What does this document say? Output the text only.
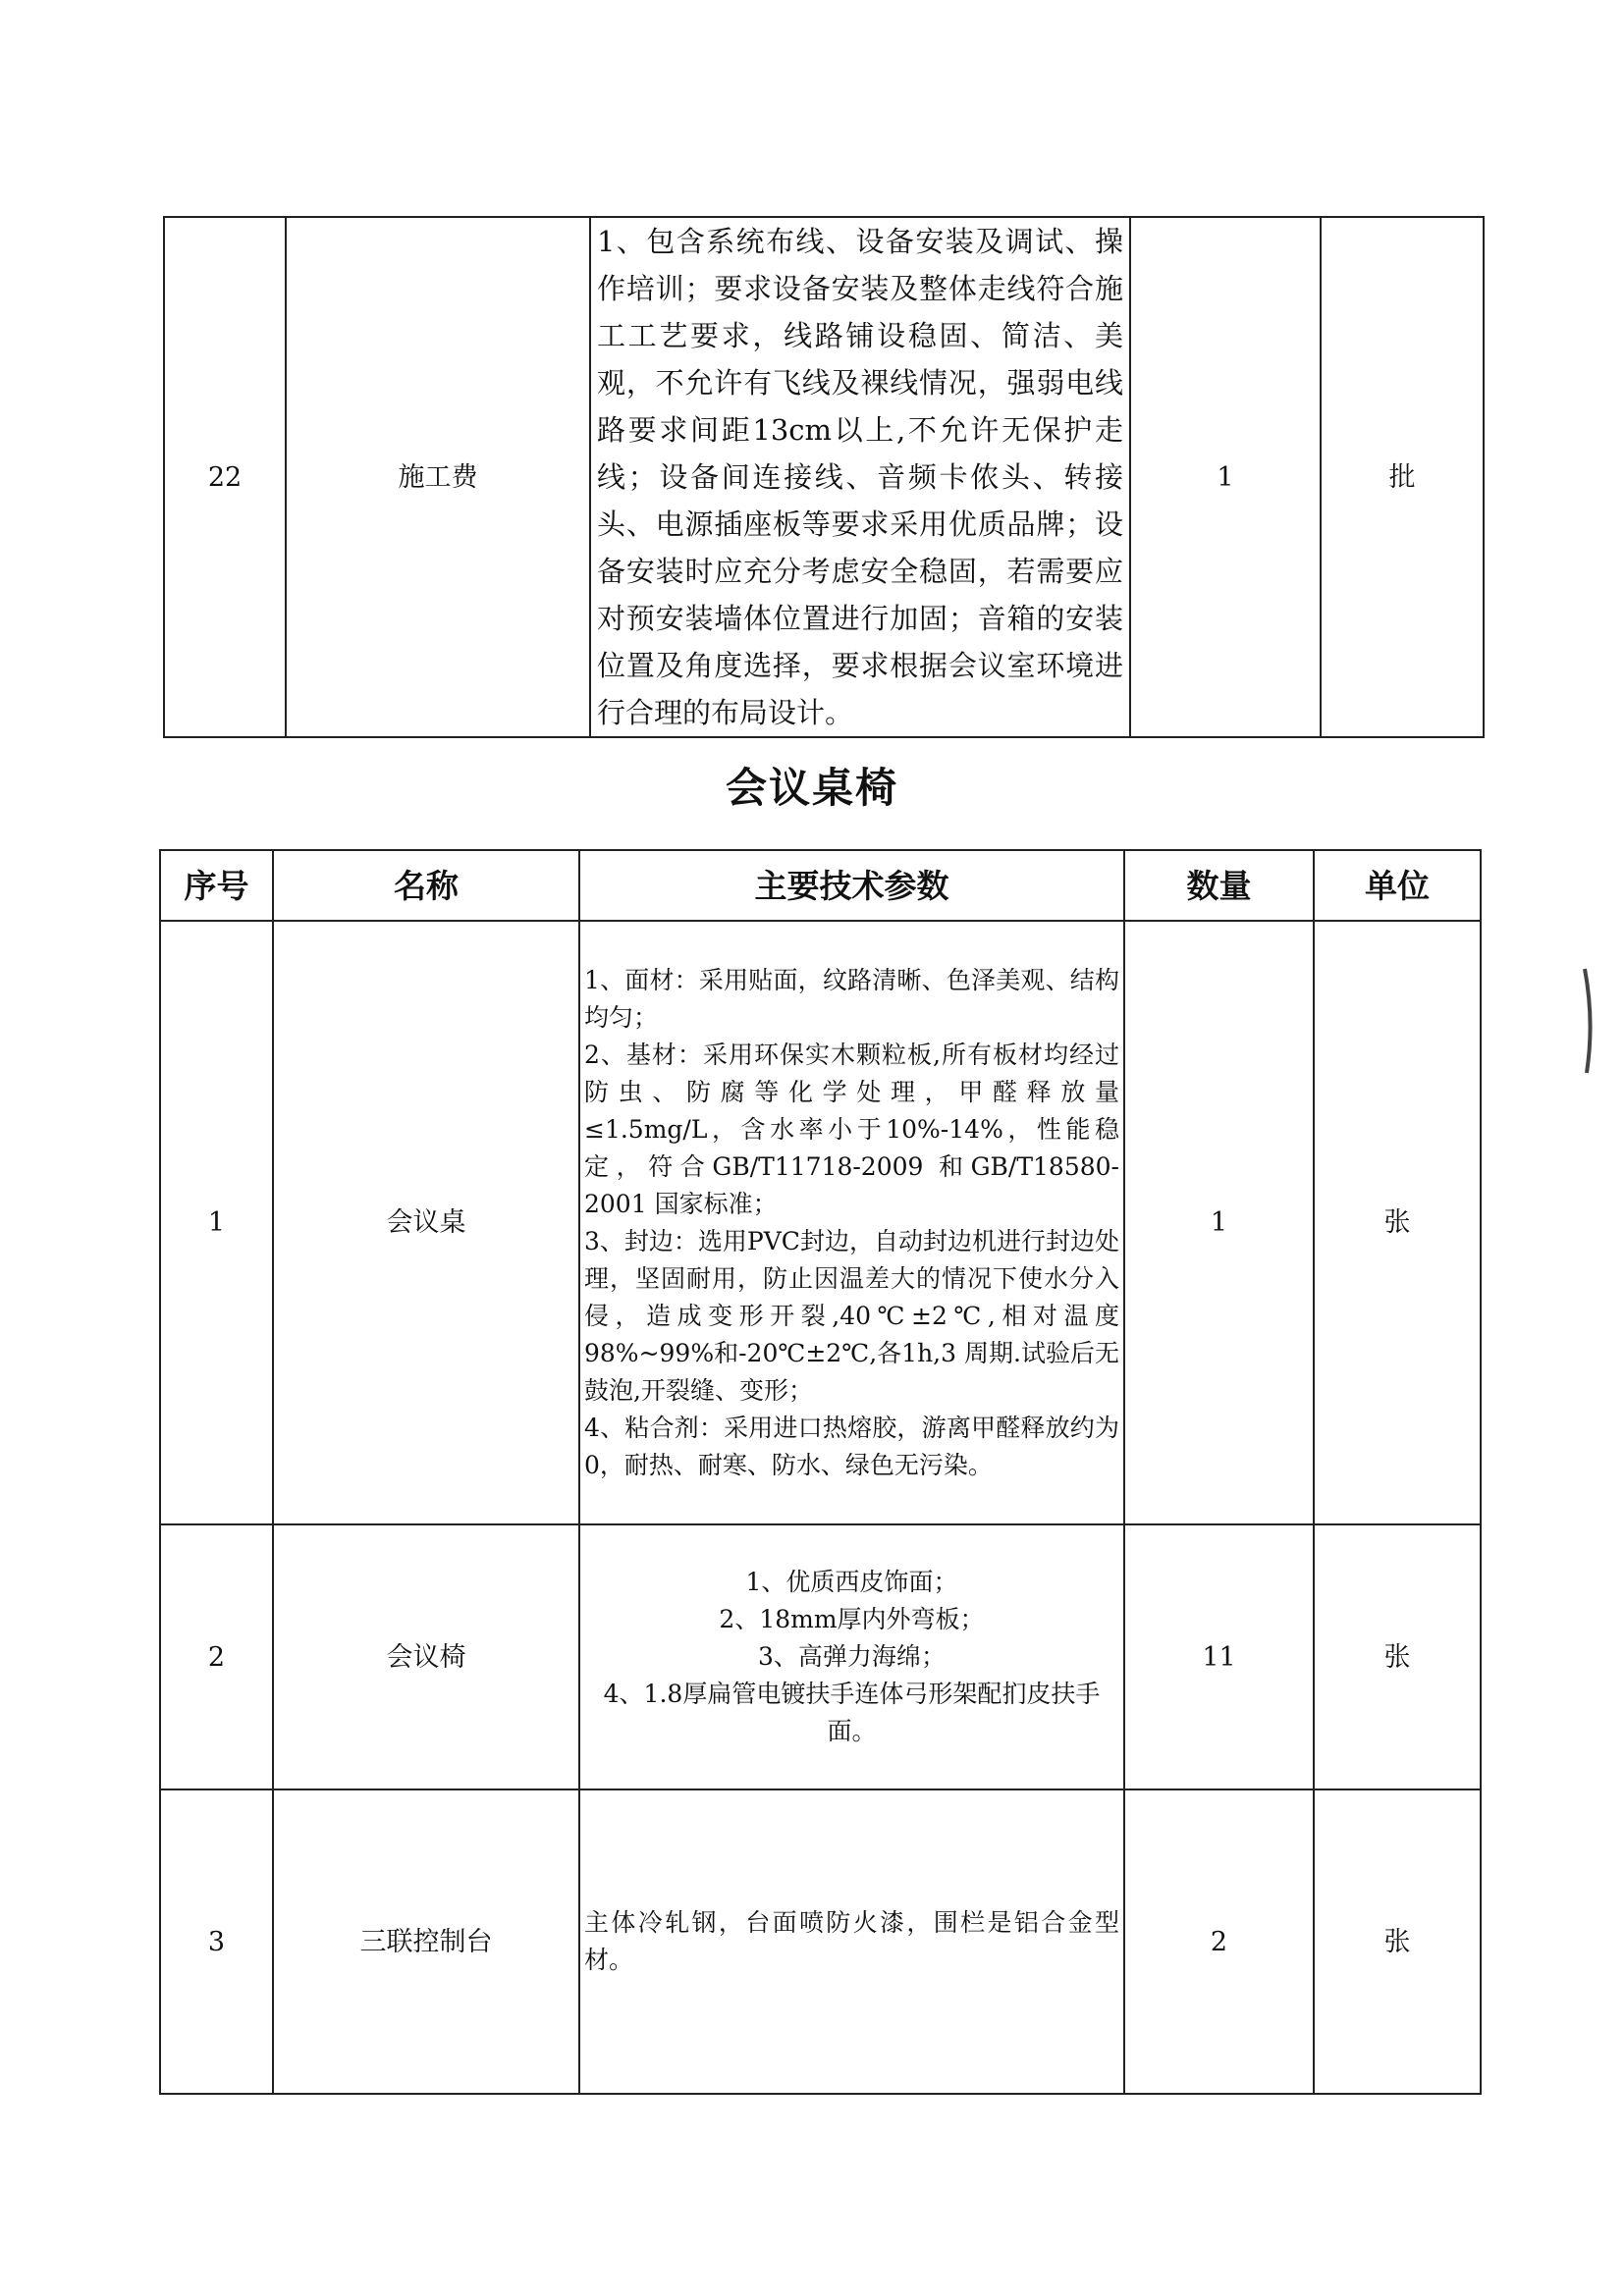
22	施工费	1、包含系统布线、设备安装及调试、操作培训；要求设备安装及整体走线符合施工工艺要求，线路铺设稳固、简洁、美观，不允许有飞线及裸线情况，强弱电线路要求间距13cm以上,不允许无保护走线；设备间连接线、音频卡侬头、转接头、电源插座板等要求采用优质品牌；设备安装时应充分考虑安全稳固，若需要应对预安装墙体位置进行加固；音箱的安装位置及角度选择，要求根据会议室环境进行合理的布局设计。	1	批
会议桌椅
序号	名称	主要技术参数	数量	单位
1	会议桌	1、面材：采用贴面，纹路清晰、色泽美观、结构均匀；
2、基材：采用环保实木颗粒板,所有板材均经过防虫、防腐等化学处理，甲醛释放量≤1.5mg/L，含水率小于10%-14%，性能稳定，符合GB/T11718-2009 和GB/T18580-2001 国家标准；
3、封边：选用PVC封边，自动封边机进行封边处理，坚固耐用，防止因温差大的情况下使水分入侵，造成变形开裂,40℃±2℃,相对温度98%~99%和-20℃±2℃,各1h,3 周期.试验后无鼓泡,开裂缝、变形；
4、粘合剂：采用进口热熔胶，游离甲醛释放约为0，耐热、耐寒、防水、绿色无污染。	1	张
2	会议椅	1、优质西皮饰面；
2、18mm厚内外弯板；
3、高弹力海绵；
4、1.8厚扁管电镀扶手连体弓形架配扪皮扶手面。	11	张
3	三联控制台	主体冷轧钢，台面喷防火漆，围栏是铝合金型材。	2	张
